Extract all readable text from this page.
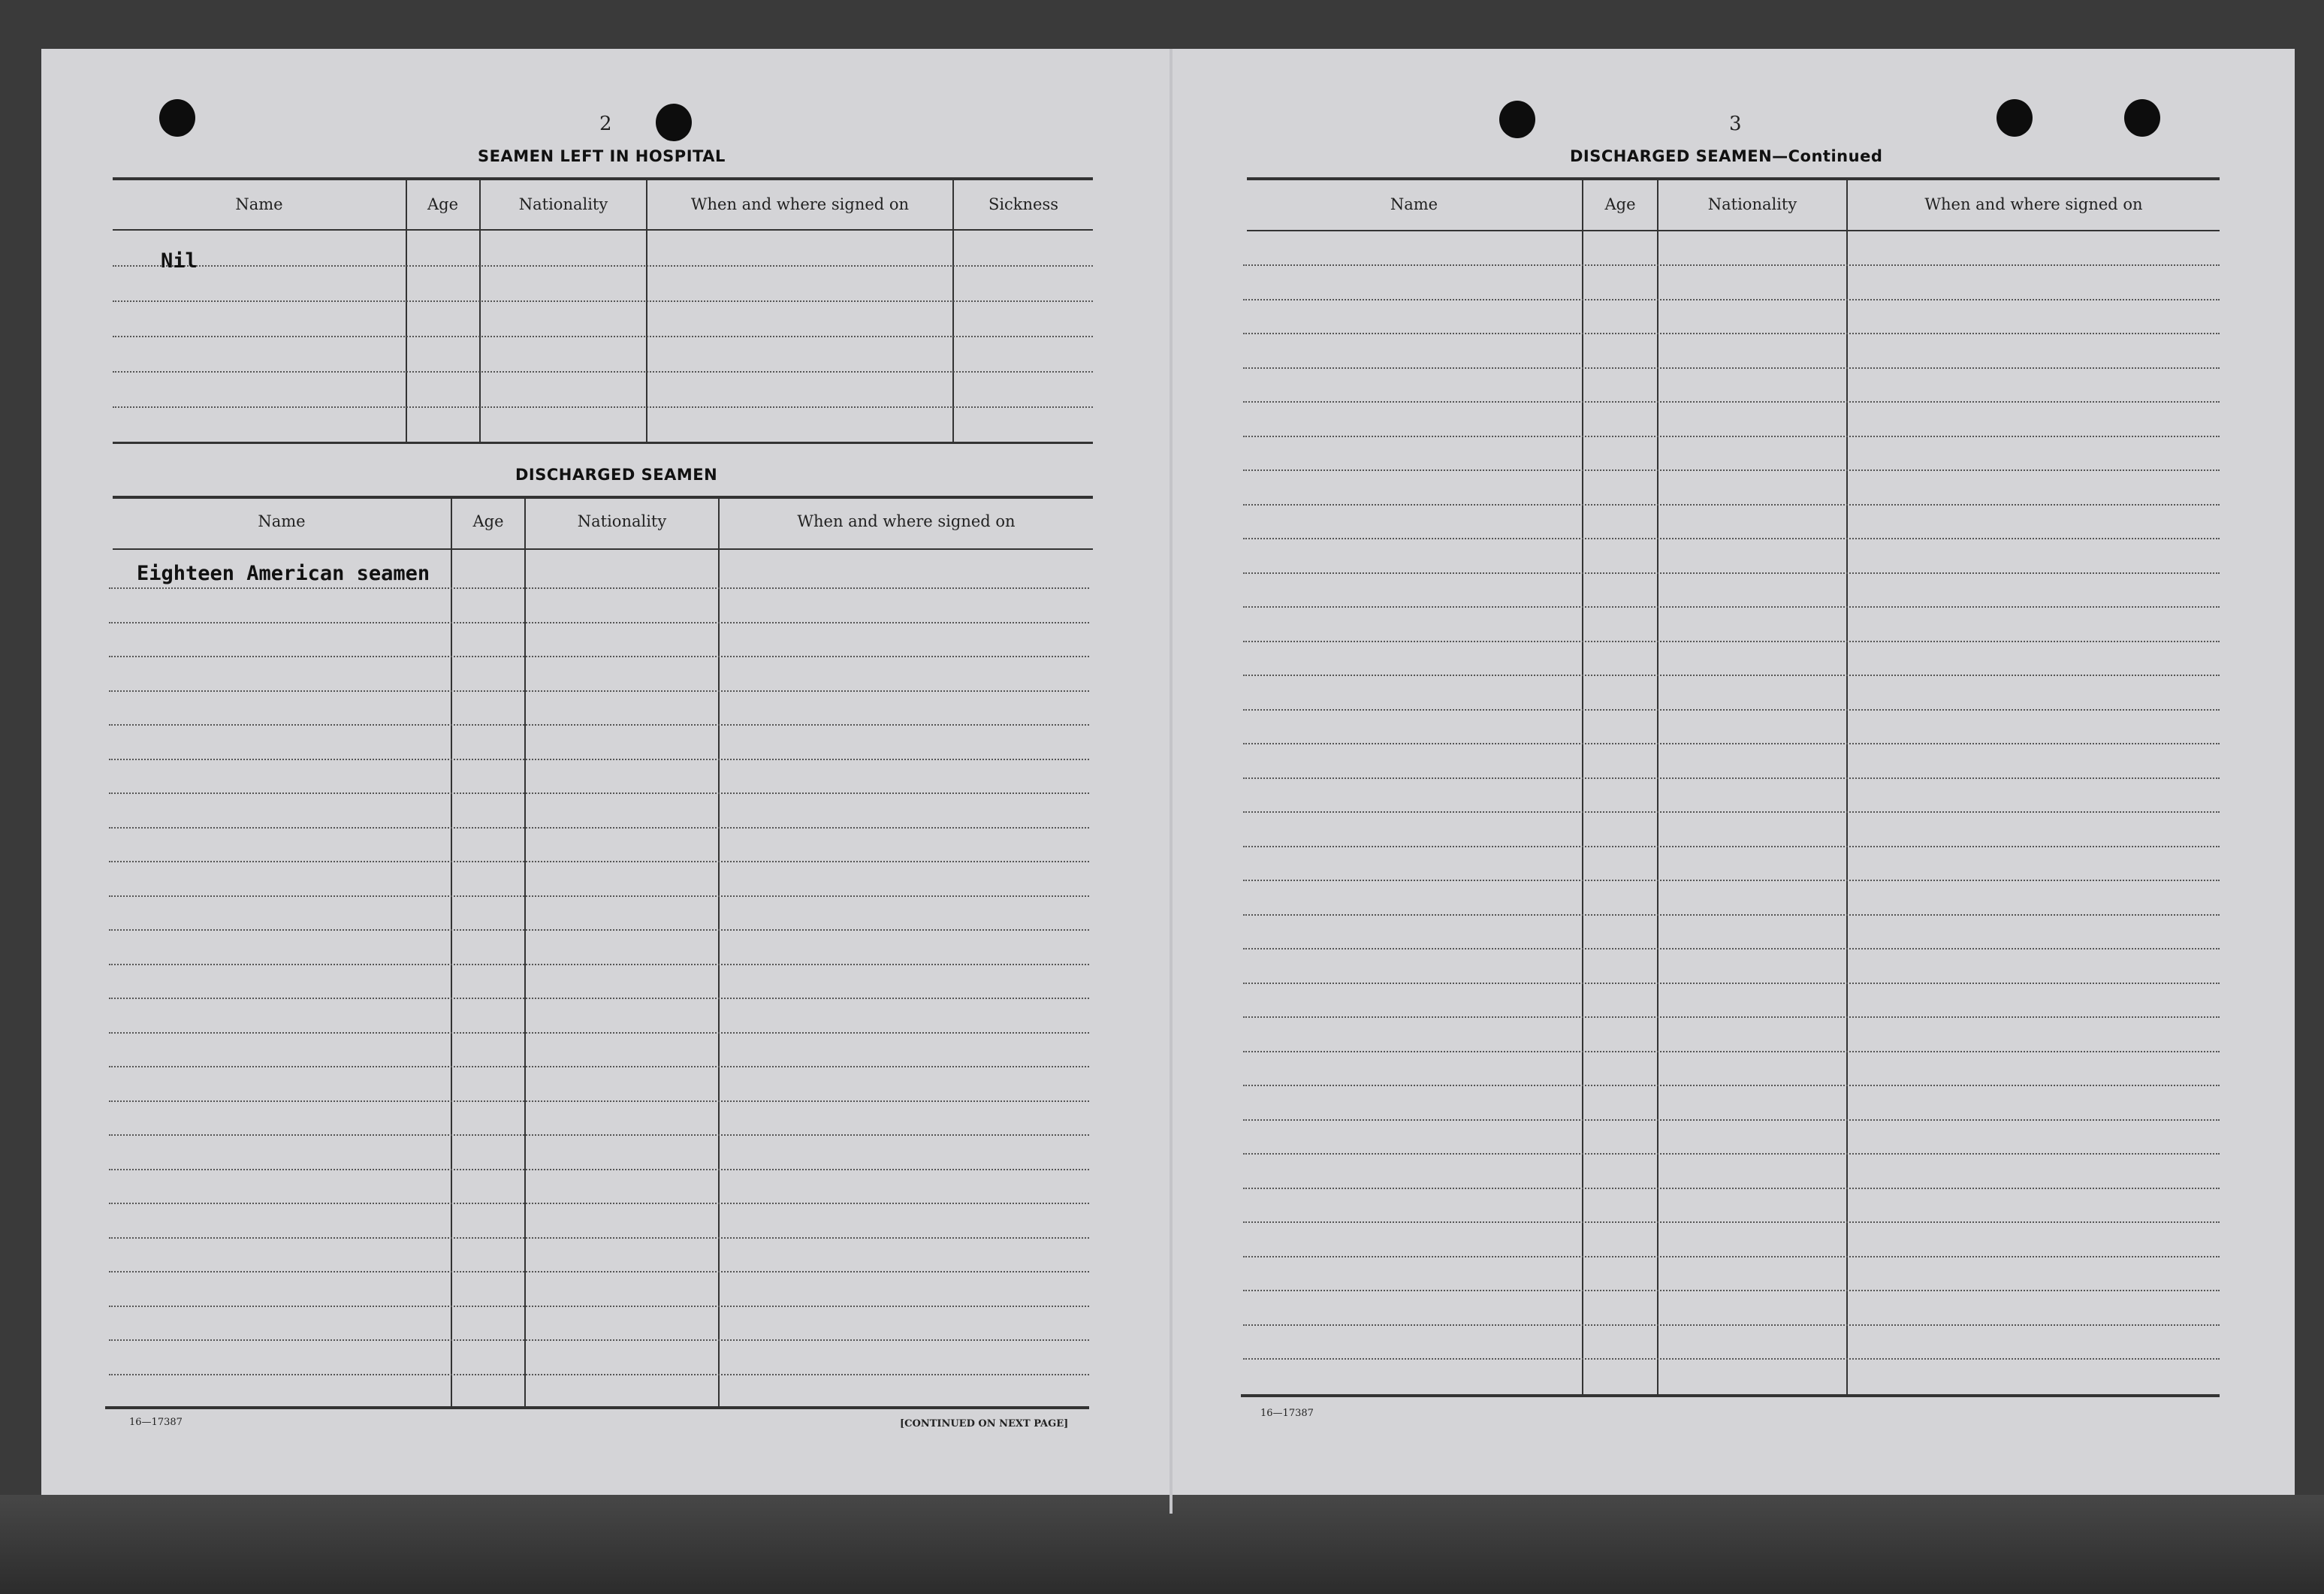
2
SEAMEN LEFT IN HOSPITAL
Name	Age	Nationality	When and where signed on	Sickness
Nil
DISCHARGED SEAMEN
Name	Age	Nationality	When and where signed on
Eighteen American seamen
16—17387	[CONTINUED ON NEXT PAGE]
3
DISCHARGED SEAMEN—Continued
Name	Age	Nationality	When and where signed on
16—17387
